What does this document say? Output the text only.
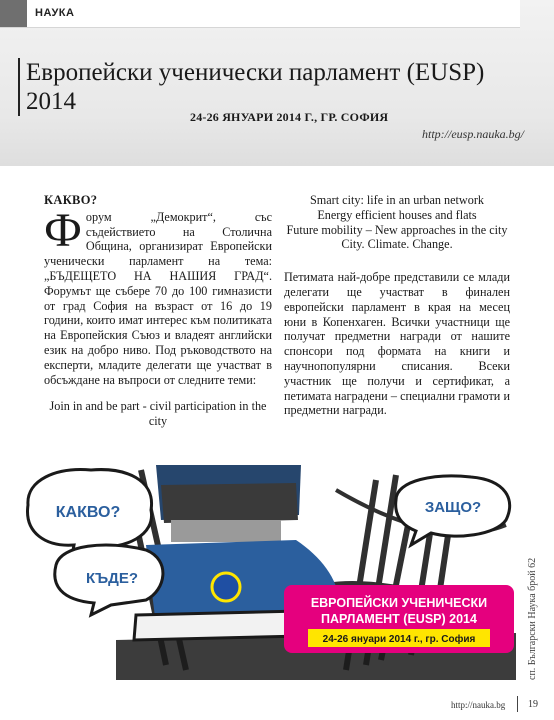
НАУКА
Европейски ученически парламент (EUSP) 2014
24-26 ЯНУАРИ 2014 Г., ГР. СОФИЯ
http://eusp.nauka.bg/
КАКВО?

Форум „Демокрит“, със съдействието на Столична Община, организират Европейски ученически парламент на тема: „БЪДЕЩЕТО НА НАШИЯ ГРАД“. Форумът ще събере 70 до 100 гимназисти от град София на възраст от 16 до 19 години, които имат интерес към политиката на Европейския Съюз и владеят английски език на добро ниво. Под ръководството на експерти, младите делегати ще участват в обсъждане на въпроси от следните теми:

Join in and be part - civil participation in the city
Smart city: life in an urban network
Energy efficient houses and flats
Future mobility – New approaches in the city
City. Climate. Change.

Петимата най-добре представили се млади делегати ще участват в финален европейски парламент в края на месец юни в Копенхаген. Всички участници ще получат предметни награди от нашите спонсори под формата на книги и научнопопулярни списания. Всеки участник ще получи и сертификат, а петимата наградени – специални грамоти и предметни награди.

КАКВО?
КЪДЕ?
ЗАЩО?
ЕВРОПЕЙСКИ УЧЕНИЧЕСКИ
ПАРЛАМЕНТ (EUSP) 2014
24-26 януари 2014 г., гр. София	сп. Български Наука брой 62
http://nauka.bg 19
